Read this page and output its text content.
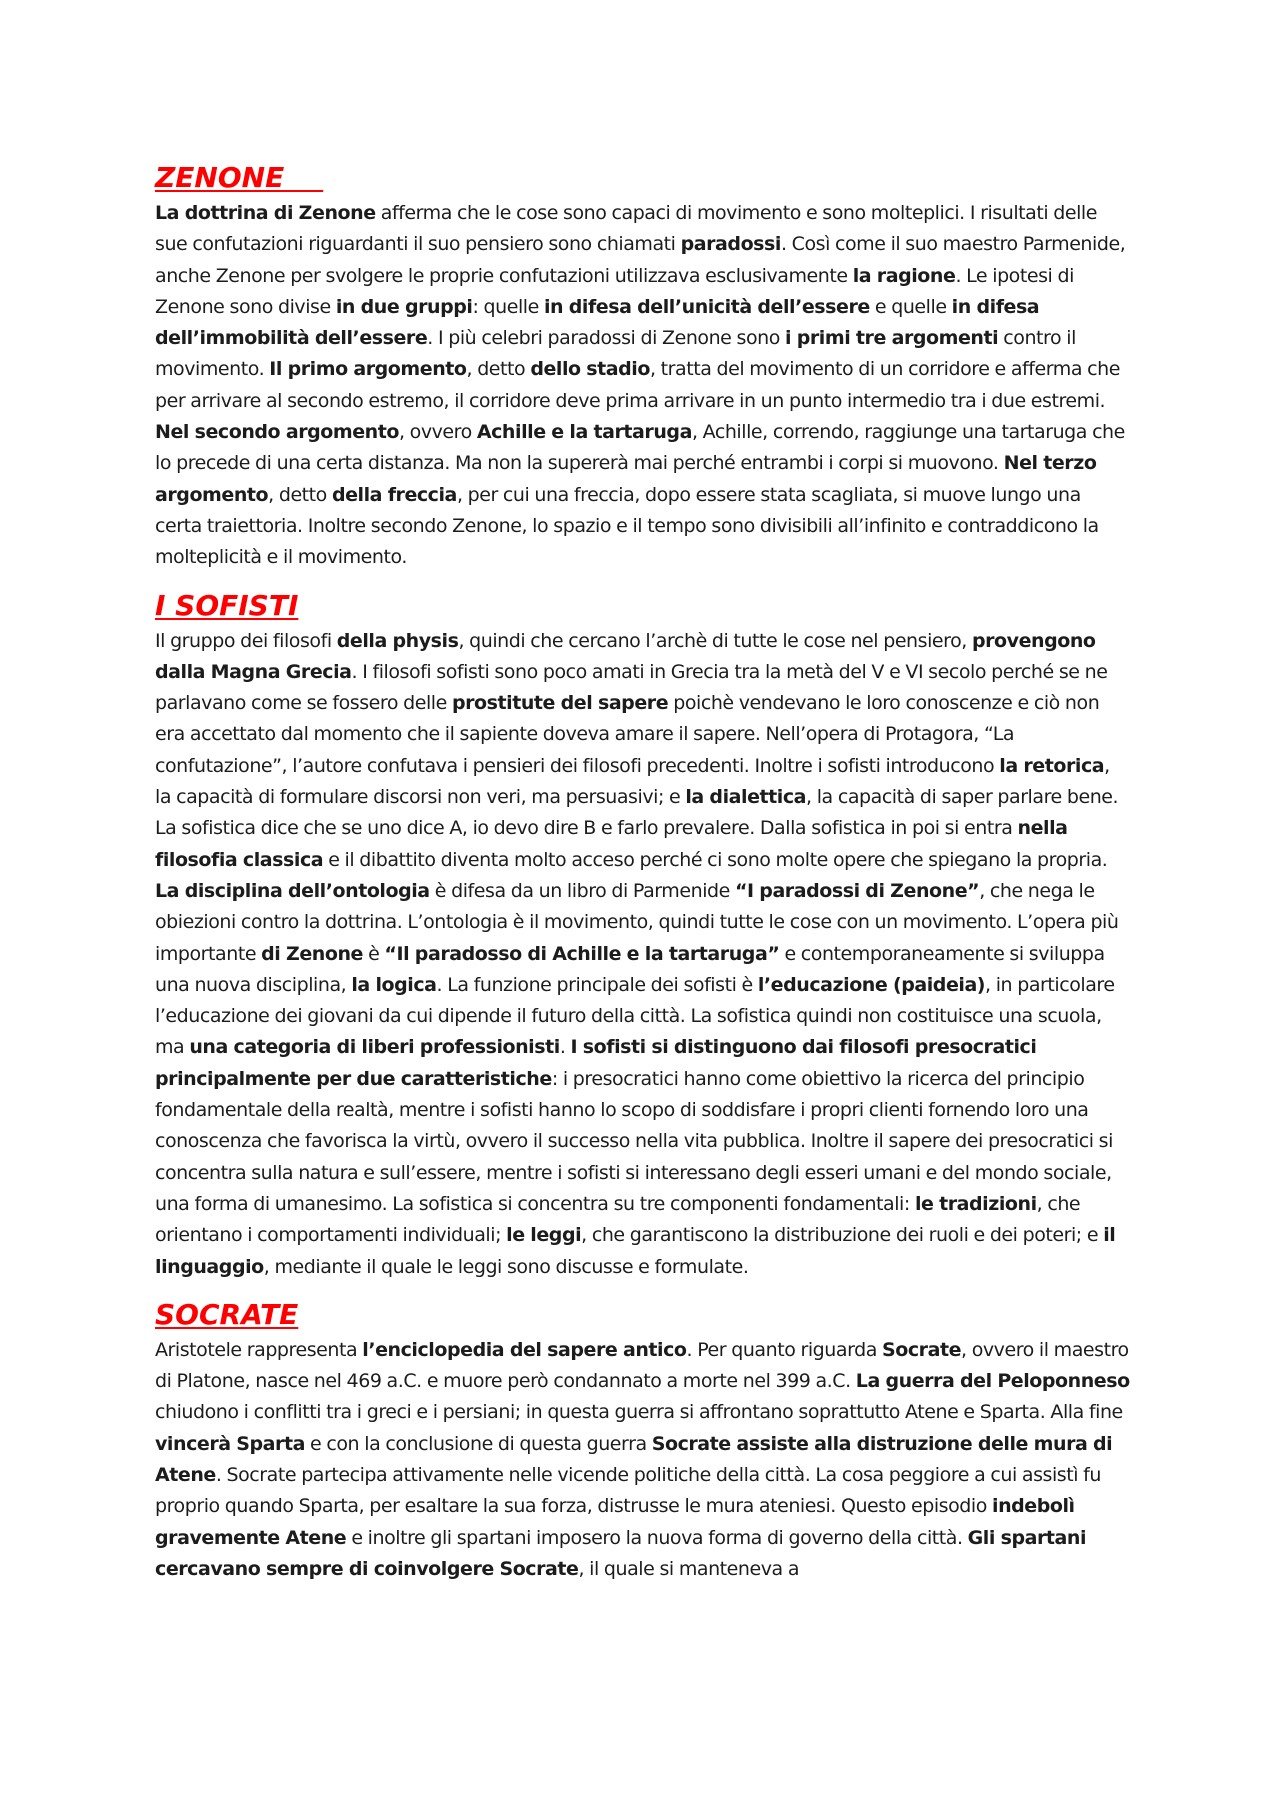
ZENONE

La dottrina di Zenone afferma che le cose sono capaci di movimento e sono molteplici. I risultati delle sue confutazioni riguardanti il suo pensiero sono chiamati paradossi. Così come il suo maestro Parmenide, anche Zenone per svolgere le proprie confutazioni utilizzava esclusivamente la ragione. Le ipotesi di Zenone sono divise in due gruppi: quelle in difesa dell’unicità dell’essere e quelle in difesa dell’immobilità dell’essere. I più celebri paradossi di Zenone sono i primi tre argomenti contro il movimento. Il primo argomento, detto dello stadio, tratta del movimento di un corridore e afferma che per arrivare al secondo estremo, il corridore deve prima arrivare in un punto intermedio tra i due estremi. Nel secondo argomento, ovvero Achille e la tartaruga, Achille, correndo, raggiunge una tartaruga che lo precede di una certa distanza. Ma non la supererà mai perché entrambi i corpi si muovono. Nel terzo argomento, detto della freccia, per cui una freccia, dopo essere stata scagliata, si muove lungo una certa traiettoria. Inoltre secondo Zenone, lo spazio e il tempo sono divisibili all’infinito e contraddicono la molteplicità e il movimento.

I SOFISTI

Il gruppo dei filosofi della physis, quindi che cercano l’archè di tutte le cose nel pensiero, provengono dalla Magna Grecia. I filosofi sofisti sono poco amati in Grecia tra la metà del V e VI secolo perché se ne parlavano come se fossero delle prostitute del sapere poichè vendevano le loro conoscenze e ciò non era accettato dal momento che il sapiente doveva amare il sapere. Nell’opera di Protagora, “La confutazione”, l’autore confutava i pensieri dei filosofi precedenti. Inoltre i sofisti introducono la retorica, la capacità di formulare discorsi non veri, ma persuasivi; e la dialettica, la capacità di saper parlare bene. La sofistica dice che se uno dice A, io devo dire B e farlo prevalere. Dalla sofistica in poi si entra nella filosofia classica e il dibattito diventa molto acceso perché ci sono molte opere che spiegano la propria. La disciplina dell’ontologia è difesa da un libro di Parmenide “I paradossi di Zenone”, che nega le obiezioni contro la dottrina. L’ontologia è il movimento, quindi tutte le cose con un movimento. L’opera più importante di Zenone è “Il paradosso di Achille e la tartaruga” e contemporaneamente si sviluppa una nuova disciplina, la logica. La funzione principale dei sofisti è l’educazione (paideia), in particolare l’educazione dei giovani da cui dipende il futuro della città. La sofistica quindi non costituisce una scuola, ma una categoria di liberi professionisti. I sofisti si distinguono dai filosofi presocratici principalmente per due caratteristiche: i presocratici hanno come obiettivo la ricerca del principio fondamentale della realtà, mentre i sofisti hanno lo scopo di soddisfare i propri clienti fornendo loro una conoscenza che favorisca la virtù, ovvero il successo nella vita pubblica. Inoltre il sapere dei presocratici si concentra sulla natura e sull’essere, mentre i sofisti si interessano degli esseri umani e del mondo sociale, una forma di umanesimo. La sofistica si concentra su tre componenti fondamentali: le tradizioni, che orientano i comportamenti individuali; le leggi, che garantiscono la distribuzione dei ruoli e dei poteri; e il linguaggio, mediante il quale le leggi sono discusse e formulate.

SOCRATE

Aristotele rappresenta l’enciclopedia del sapere antico. Per quanto riguarda Socrate, ovvero il maestro di Platone, nasce nel 469 a.C. e muore però condannato a morte nel 399 a.C. La guerra del Peloponneso chiudono i conflitti tra i greci e i persiani; in questa guerra si affrontano soprattutto Atene e Sparta. Alla fine vincerà Sparta e con la conclusione di questa guerra Socrate assiste alla distruzione delle mura di Atene. Socrate partecipa attivamente nelle vicende politiche della città. La cosa peggiore a cui assistì fu proprio quando Sparta, per esaltare la sua forza, distrusse le mura ateniesi. Questo episodio indebolì gravemente Atene e inoltre gli spartani imposero la nuova forma di governo della città. Gli spartani cercavano sempre di coinvolgere Socrate, il quale si manteneva a
